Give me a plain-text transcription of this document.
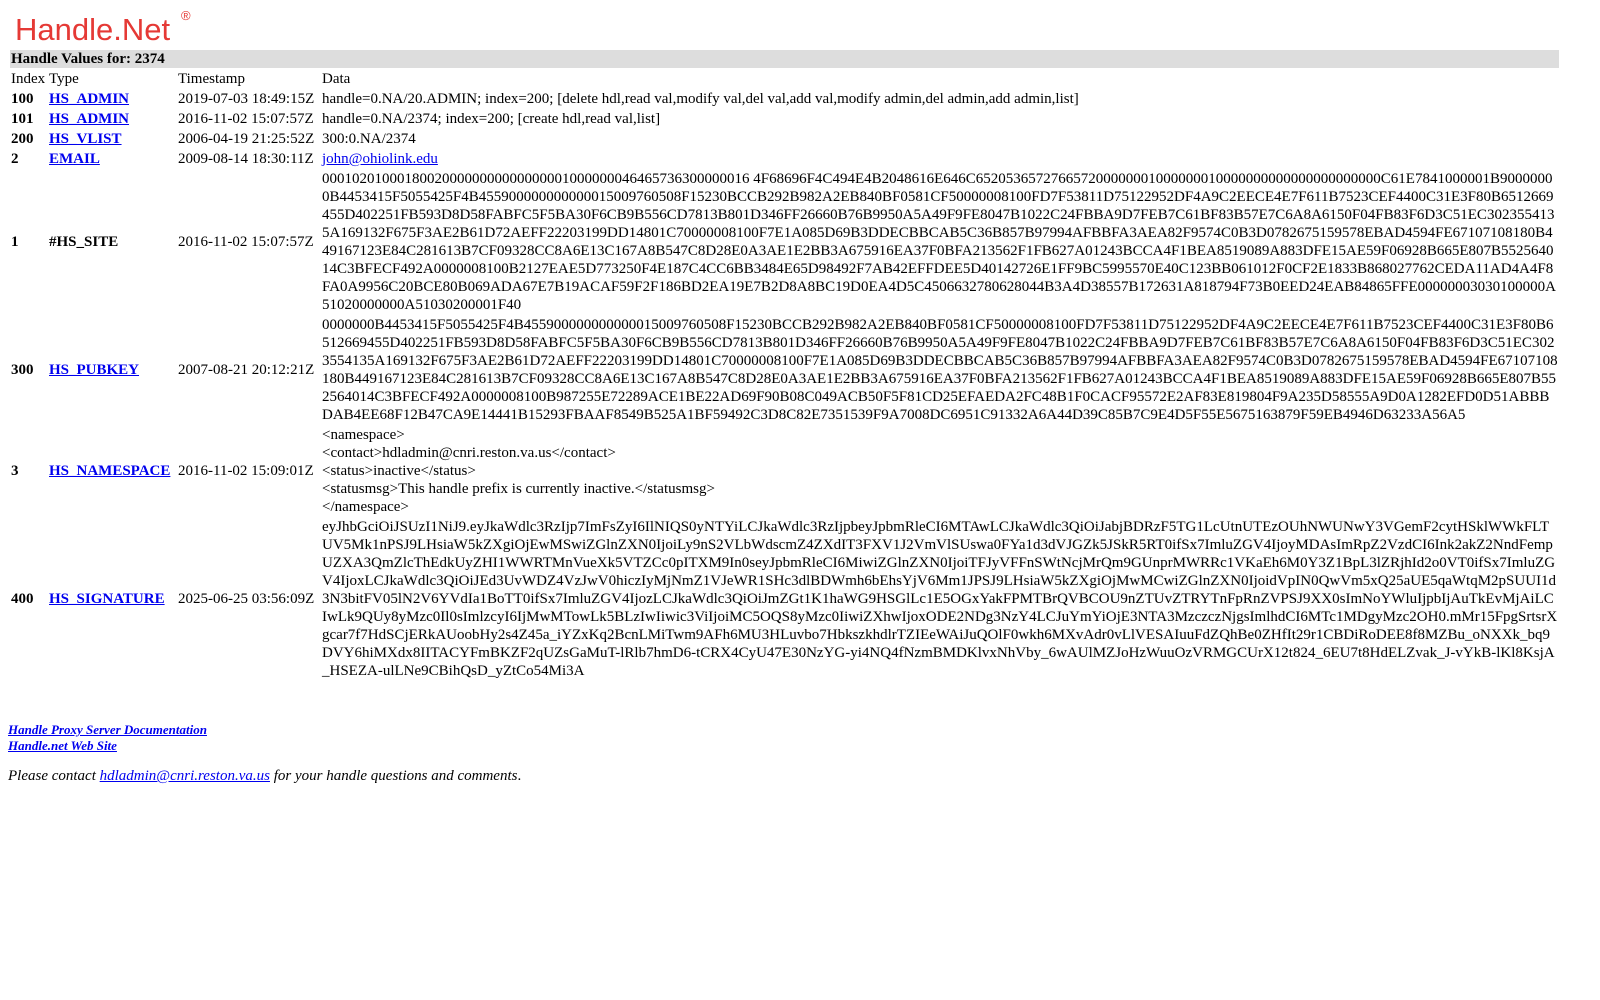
Handle.Net ®
Handle Values for: 2374			
Index	Type	Timestamp	Data
100	HS_ADMIN	2019-07-03 18:49:15Z	handle=0.NA/20.ADMIN; index=200; [delete hdl,read val,modify val,del val,add val,modify admin,del admin,add admin,list]
101	HS_ADMIN	2016-11-02 15:07:57Z	handle=0.NA/2374; index=200; [create hdl,read val,list]
200	HS_VLIST	2006-04-19 21:25:52Z	300:0.NA/2374
2	EMAIL	2009-08-14 18:30:11Z	john@ohiolink.edu
1	#HS_SITE	2016-11-02 15:07:57Z	000102010001800200000000000000001000000046465736300000016 4F68696F4C494E4B2048616E646C652053657276657200000001000000010000000000000000000000C61E7841000001B90000000B4453415F5055425F4B455900000000000015009760508F15230BCCB292B982A2EB840BF0581CF50000008100FD7F53811D75122952DF4A9C2EECE4E7F611B7523CEF4400C31E3F80B6512669455D402251FB593D8D58FABFC5F5BA30F6CB9B556CD7813B801D346FF26660B76B9950A5A49F9FE8047B1022C24FBBA9D7FEB7C61BF83B57E7C6A8A6150F04FB83F6D3C51EC3023554135A169132F675F3AE2B61D72AEFF22203199DD14801C70000008100F7E1A085D69B3DDECBBCAB5C36B857B97994AFBBFA3AEA82F9574C0B3D0782675159578EBAD4594FE67107108180B449167123E84C281613B7CF09328CC8A6E13C167A8B547C8D28E0A3AE1E2BB3A675916EA37F0BFA213562F1FB627A01243BCCA4F1BEA8519089A883DFE15AE59F06928B665E807B552564014C3BFECF492A0000008100B2127EAE5D773250F4E187C4CC6BB3484E65D98492F7AB42EFFDEE5D40142726E1FF9BC5995570E40C123BB061012F0CF2E1833B868027762CEDA11AD4A4F8FA0A9956C20BCE80B069ADA67E7B19ACAF59F2F186BD2EA19E7B2D8A8BC19D0EA4D5C4506632780628044B3A4D38557B172631A818794F73B0EED24EAB84865FFE00000003030100000A51020000000A51030200001F40
300	HS_PUBKEY	2007-08-21 20:12:21Z	0000000B4453415F5055425F4B455900000000000015009760508F15230BCCB292B982A2EB840BF0581CF50000008100FD7F53811D75122952DF4A9C2EECE4E7F611B7523CEF4400C31E3F80B6512669455D402251FB593D8D58FABFC5F5BA30F6CB9B556CD7813B801D346FF26660B76B9950A5A49F9FE8047B1022C24FBBA9D7FEB7C61BF83B57E7C6A8A6150F04FB83F6D3C51EC3023554135A169132F675F3AE2B61D72AEFF22203199DD14801C70000008100F7E1A085D69B3DDECBBCAB5C36B857B97994AFBBFA3AEA82F9574C0B3D0782675159578EBAD4594FE67107108180B449167123E84C281613B7CF09328CC8A6E13C167A8B547C8D28E0A3AE1E2BB3A675916EA37F0BFA213562F1FB627A01243BCCA4F1BEA8519089A883DFE15AE59F06928B665E807B552564014C3BFECF492A0000008100B987255E72289ACE1BE22AD69F90B08C049ACB50F5F81CD25EFAEDA2FC48B1F0CACF95572E2AF83E819804F9A235D58555A9D0A1282EFD0D51ABBBDAB4EE68F12B47CA9E14441B15293FBAAF8549B525A1BF59492C3D8C82E7351539F9A7008DC6951C91332A6A44D39C85B7C9E4D5F55E5675163879F59EB4946D63233A56A5
3	HS_NAMESPACE	2016-11-02 15:09:01Z	<namespace>
<contact>hdladmin@cnri.reston.va.us</contact>
<status>inactive</status>
<statusmsg>This handle prefix is currently inactive.</statusmsg>
</namespace>

400	HS_SIGNATURE	2025-06-25 03:56:09Z	eyJhbGciOiJSUzI1NiJ9.eyJkaWdlc3RzIjp7ImFsZyI6IlNIQS0yNTYiLCJkaWdlc3RzIjpbeyJpbmRleCI6MTAwLCJkaWdlc3QiOiJabjBDRzF5TG1LcUtnUTEzOUhNWUNwY3VGemF2cytHSklWWkFLTUV5Mk1nPSJ9LHsiaW5kZXgiOjEwMSwiZGlnZXN0IjoiLy9nS2VLbWdscmZ4ZXdIT3FXV1J2VmVlSUswa0FYa1d3dVJGZk5JSkR5RT0ifSx7ImluZGV4IjoyMDAsImRpZ2VzdCI6Ink2akZ2NndFempUZXA3QmZlcThEdkUyZHI1WWRTMnVueXk5VTZCc0pITXM9In0seyJpbmRleCI6MiwiZGlnZXN0IjoiTFJyVFFnSWtNcjMrQm9GUnprMWRRc1VKaEh6M0Y3Z1BpL3lZRjhId2o0VT0ifSx7ImluZGV4IjoxLCJkaWdlc3QiOiJEd3UvWDZ4VzJwV0hiczIyMjNmZ1VJeWR1SHc3dlBDWmh6bEhsYjV6Mm1JPSJ9LHsiaW5kZXgiOjMwMCwiZGlnZXN0IjoidVpIN0QwVm5xQ25aUE5qaWtqM2pSUUI1d3N3bitFV05lN2V6YVdIa1BoTT0ifSx7ImluZGV4IjozLCJkaWdlc3QiOiJmZGt1K1haWG9HSGlLc1E5OGxYakFPMTBrQVBCOU9nZTUvZTRYTnFpRnZVPSJ9XX0sImNoYWluIjpbIjAuTkEvMjAiLCIwLk9QUy8yMzc0Il0sImlzcyI6IjMwMTowLk5BLzIwIiwic3ViIjoiMC5OQS8yMzc0IiwiZXhwIjoxODE2NDg3NzY4LCJuYmYiOjE3NTA3MzczczNjgsImlhdCI6MTc1MDgyMzc2OH0.mMr15FpgSrtsrXgcar7f7HdSCjERkAUoobHy2s4Z45a_iYZxKq2BcnLMiTwm9AFh6MU3HLuvbo7HbkszkhdlrTZIEeWAiJuQOlF0wkh6MXvAdr0vLlVESAIuuFdZQhBe0ZHfIt29r1CBDiRoDEE8f8MZBu_oNXXk_bq9DVY6hiMXdx8IITACYFmBKZF2qUZsGaMuT-lRlb7hmD6-tCRX4CyU47E30NzYG-yi4NQ4fNzmBMDKlvxNhVby_6wAUlMZJoHzWuuOzVRMGCUrX12t824_6EU7t8HdELZvak_J-vYkB-lKl8KsjA_HSEZA-ulLNe9CBihQsD_yZtCo54Mi3A
Handle Proxy Server Documentation
Handle.net Web Site
Please contact hdladmin@cnri.reston.va.us for your handle questions and comments.
